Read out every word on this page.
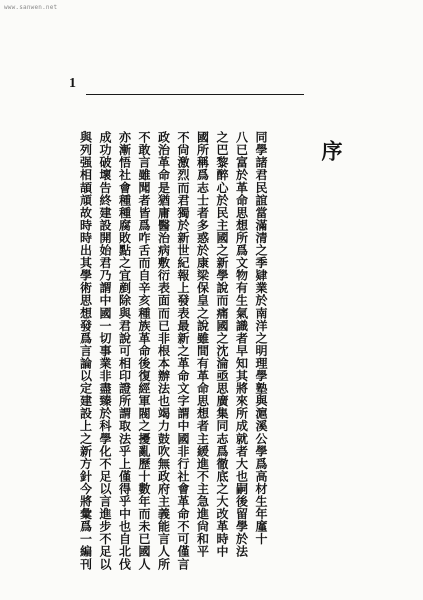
www.sanwen.net
1
序
同學諸君民誼當滿清之季肄業於南洋之明理學塾與滬溪公學爲高材生年廑十
八已富於革命思想所爲文物有生氣識者早知其將來所成就者大也嗣後留學於法
之巴黎醉心於民主國之新學說而痛國之沈淪亟思廣集同志爲徹底之大改革時中
國所稱爲志士者多惑於康梁保皇之說雖間有革命思想者主緩進不主急進尙和平
不尙激烈而君獨於新世紀報上發表最新之革命文字謂中國非行社會革命不可僅言
政治革命是猶庸醫治病敷衍表面而已非根本辦法也竭力鼓吹無政府主義能言人所
不敢言雖聞者皆爲咋舌而自辛亥種族革命後復經軍閥之擾亂歷十數年而未已國人
亦漸悟社會種種腐敗點之宜剷除與君說可相印證所謂取法乎上僅得乎中也自北伐
成功破壞告終建設開始君乃謂中國一切事業非盡臻於科學化不足以言進步不足以
與列强相頡頏故時時出其學術思想發爲言論以定建設上之新方針今將彙爲一編刊
